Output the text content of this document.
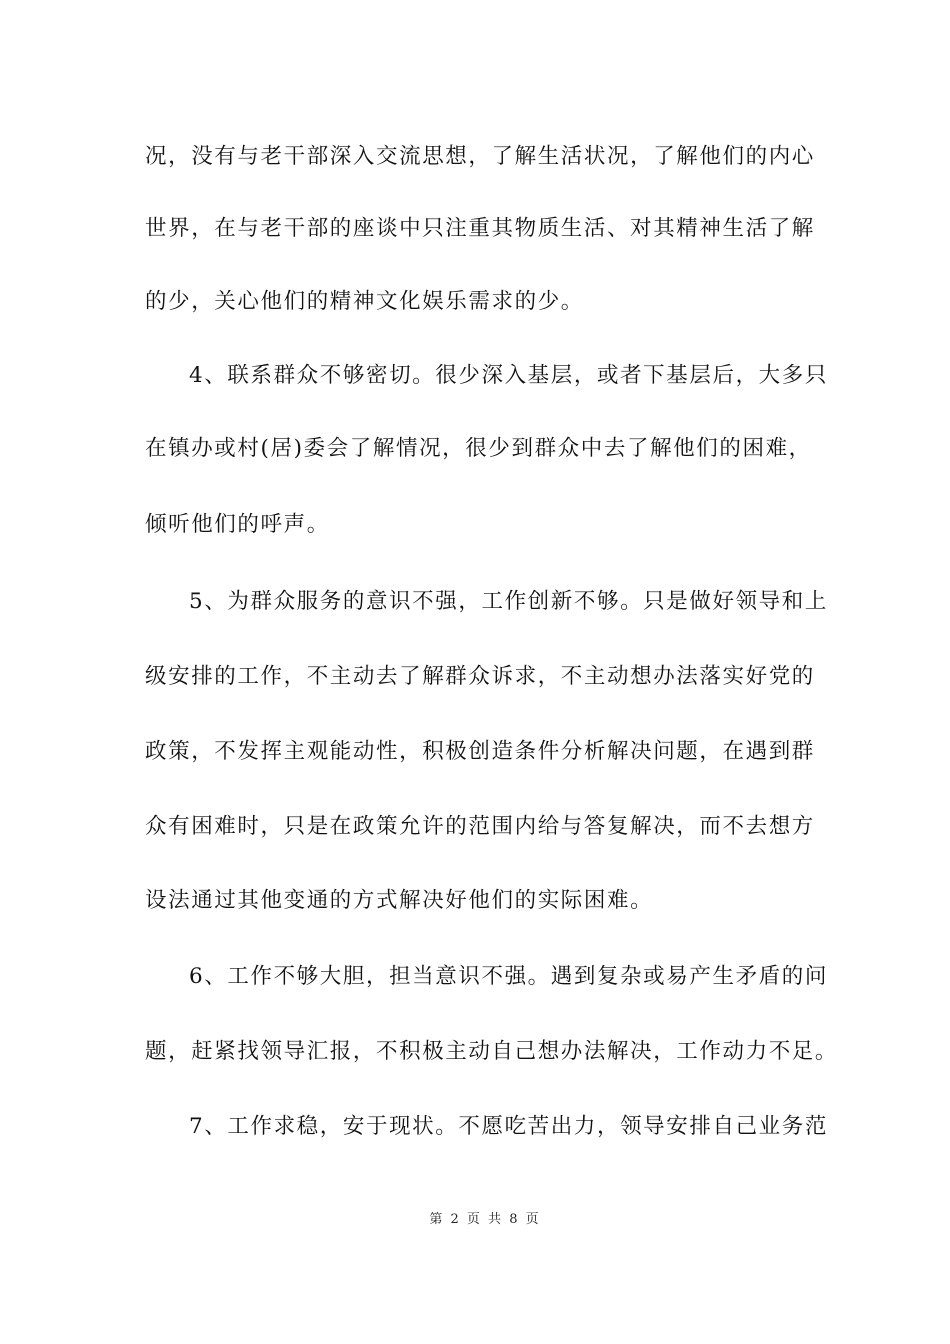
况，没有与老干部深入交流思想，了解生活状况，了解他们的内心
世界，在与老干部的座谈中只注重其物质生活、对其精神生活了解
的少，关心他们的精神文化娱乐需求的少。
4、联系群众不够密切。很少深入基层，或者下基层后，大多只
在镇办或村(居)委会了解情况，很少到群众中去了解他们的困难，
倾听他们的呼声。
5、为群众服务的意识不强，工作创新不够。只是做好领导和上
级安排的工作，不主动去了解群众诉求，不主动想办法落实好党的
政策，不发挥主观能动性，积极创造条件分析解决问题，在遇到群
众有困难时，只是在政策允许的范围内给与答复解决，而不去想方
设法通过其他变通的方式解决好他们的实际困难。
6、工作不够大胆，担当意识不强。遇到复杂或易产生矛盾的问
题，赶紧找领导汇报，不积极主动自己想办法解决，工作动力不足。
7、工作求稳，安于现状。不愿吃苦出力，领导安排自己业务范
第 2 页 共 8 页
